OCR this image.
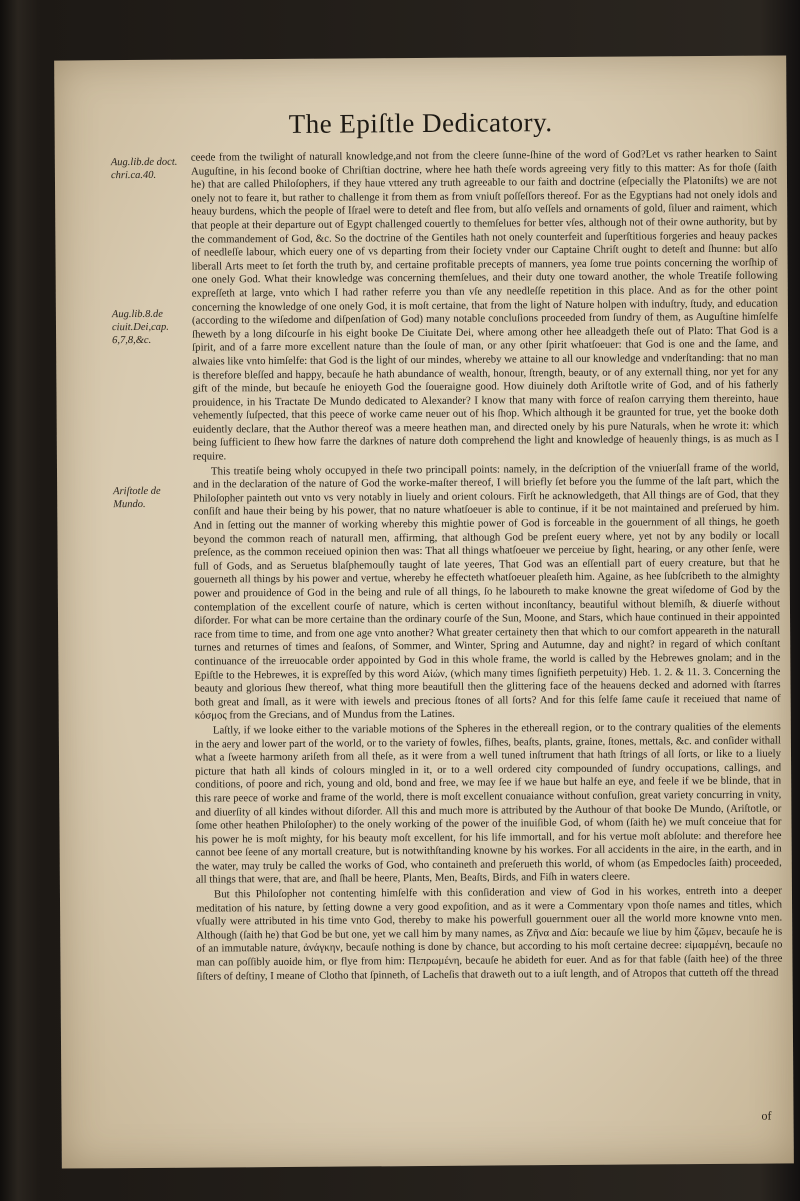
The Epiſtle Dedicatory.
Aug.lib.de doct. chri.ca.40.
Aug.lib.8.de ciuit.Dei,cap. 6,7,8,&c.
Ariſtotle de Mundo.

ceede from the twilight of naturall knowledge,and not from the cleere ſunne-ſhine of the word of God?Let vs rather hearken to Saint Auguſtine, in his ſecond booke of Chriſtian doctrine, where hee hath theſe words agreeing very fitly to this matter: As for thoſe (ſaith he) that are called Philoſophers, if they haue vttered any truth agreeable to our faith and doctrine (eſpecially the Platoniſts) we are not onely not to feare it, but rather to challenge it from them as from vniuſt poſſeſſors thereof. For as the Egyptians had not onely idols and heauy burdens, which the people of Iſrael were to deteſt and flee from, but alſo veſſels and ornaments of gold, ſiluer and raiment, which that people at their departure out of Egypt challenged couertly to themſelues for better vſes, although not of their owne authority, but by the commandement of God, &c. So the doctrine of the Gentiles hath not onely counterfeit and ſuperſtitious forgeries and heauy packes of needleſſe labour, which euery one of vs departing from their ſociety vnder our Captaine Chriſt ought to deteſt and ſhunne: but alſo liberall Arts meet to ſet forth the truth by, and certaine profitable precepts of manners, yea ſome true points concerning the worſhip of one onely God. What their knowledge was concerning themſelues, and their duty one toward another, the whole Treatiſe following expreſſeth at large, vnto which I had rather referre you than vſe any needleſſe repetition in this place. And as for the other point concerning the knowledge of one onely God, it is moſt certaine, that from the light of Nature holpen with induſtry, ſtudy, and education (according to the wiſedome and diſpenſation of God) many notable concluſions proceeded from ſundry of them, as Auguſtine himſelfe ſheweth by a long diſcourſe in his eight booke De Ciuitate Dei, where among other hee alleadgeth theſe out of Plato: That God is a ſpirit, and of a farre more excellent nature than the ſoule of man, or any other ſpirit whatſoeuer: that God is one and the ſame, and alwaies like vnto himſelfe: that God is the light of our mindes, whereby we attaine to all our knowledge and vnderſtanding: that no man is therefore bleſſed and happy, becauſe he hath abundance of wealth, honour, ſtrength, beauty, or of any externall thing, nor yet for any gift of the minde, but becauſe he enioyeth God the ſoueraigne good. How diuinely doth Ariſtotle write of God, and of his fatherly prouidence, in his Tractate De Mundo dedicated to Alexander? I know that many with force of reaſon carrying them thereinto, haue vehemently ſuſpected, that this peece of worke came neuer out of his ſhop. Which although it be graunted for true, yet the booke doth euidently declare, that the Author thereof was a meere heathen man, and directed onely by his pure Naturals, when he wrote it: which being ſufficient to ſhew how farre the darknes of nature doth comprehend the light and knowledge of heauenly things, is as much as I require.

This treatiſe being wholy occupyed in theſe two principall points: namely, in the deſcription of the vniuerſall frame of the world, and in the declaration of the nature of God the worke-maſter thereof, I will briefly ſet before you the ſumme of the laſt part, which the Philoſopher painteth out vnto vs very notably in liuely and orient colours. Firſt he acknowledgeth, that All things are of God, that they conſiſt and haue their being by his power, that no nature whatſoeuer is able to continue, if it be not maintained and preſerued by him. And in ſetting out the manner of working whereby this mightie power of God is forceable in the gouernment of all things, he goeth beyond the common reach of naturall men, affirming, that although God be preſent euery where, yet not by any bodily or locall preſence, as the common receiued opinion then was: That all things whatſoeuer we perceiue by ſight, hearing, or any other ſenſe, were full of Gods, and as Seruetus blaſphemouſly taught of late yeeres, That God was an eſſentiall part of euery creature, but that he gouerneth all things by his power and vertue, whereby he effecteth whatſoeuer pleaſeth him. Againe, as hee ſubſcribeth to the almighty power and prouidence of God in the being and rule of all things, ſo he laboureth to make knowne the great wiſedome of God by the contemplation of the excellent courſe of nature, which is certen without inconſtancy, beautiful without blemiſh, & diuerſe without diſorder. For what can be more certaine than the ordinary courſe of the Sun, Moone, and Stars, which haue continued in their appointed race from time to time, and from one age vnto another? What greater certainety then that which to our comfort appeareth in the naturall turnes and returnes of times and ſeaſons, of Sommer, and Winter, Spring and Autumne, day and night? in regard of which conſtant continuance of the irreuocable order appointed by God in this whole frame, the world is called by the Hebrewes gnolam; and in the Epiſtle to the Hebrewes, it is expreſſed by this word Αἰών, (which many times ſignifieth perpetuity) Heb. 1. 2. & 11. 3. Concerning the beauty and glorious ſhew thereof, what thing more beautifull then the glittering face of the heauens decked and adorned with ſtarres both great and ſmall, as it were with iewels and precious ſtones of all ſorts? And for this ſelfe ſame cauſe it receiued that name of κόσμος from the Grecians, and of Mundus from the Latines.

Laſtly, if we looke either to the variable motions of the Spheres in the ethereall region, or to the contrary qualities of the elements in the aery and lower part of the world, or to the variety of fowles, fiſhes, beaſts, plants, graine, ſtones, mettals, &c. and conſider withall what a ſweete harmony ariſeth from all theſe, as it were from a well tuned inſtrument that hath ſtrings of all ſorts, or like to a liuely picture that hath all kinds of colours mingled in it, or to a well ordered city compounded of ſundry occupations, callings, and conditions, of poore and rich, young and old, bond and free, we may ſee if we haue but halfe an eye, and feele if we be blinde, that in this rare peece of worke and frame of the world, there is moſt excellent conuaiance without confuſion, great variety concurring in vnity, and diuerſity of all kindes without diſorder. All this and much more is attributed by the Authour of that booke De Mundo, (Ariſtotle, or ſome other heathen Philoſopher) to the onely working of the power of the inuiſible God, of whom (ſaith he) we muſt conceiue that for his power he is moſt mighty, for his beauty moſt excellent, for his life immortall, and for his vertue moſt abſolute: and therefore hee cannot bee ſeene of any mortall creature, but is notwithſtanding knowne by his workes. For all accidents in the aire, in the earth, and in the water, may truly be called the works of God, who containeth and preſerueth this world, of whom (as Empedocles ſaith) proceeded, all things that were, that are, and ſhall be heere, Plants, Men, Beaſts, Birds, and Fiſh in waters cleere.

But this Philoſopher not contenting himſelfe with this conſideration and view of God in his workes, entreth into a deeper meditation of his nature, by ſetting downe a very good expoſition, and as it were a Commentary vpon thoſe names and titles, which vſually were attributed in his time vnto God, thereby to make his powerfull gouernment ouer all the world more knowne vnto men. Although (ſaith he) that God be but one, yet we call him by many names, as Ζῆνα and Δία: becauſe we liue by him ζῶμεν, becauſe he is of an immutable nature, ἀνάγκην, becauſe nothing is done by chance, but according to his moſt certaine decree: εἱμαρμένη, becauſe no man can poſſibly auoide him, or flye from him: Πεπρωμένη, becauſe he abideth for euer. And as for that fable (ſaith hee) of the three ſiſters of deſtiny, I meane of Clotho that ſpinneth, of Lacheſis that draweth out to a iuſt length, and of Atropos that cutteth off the thread

of
